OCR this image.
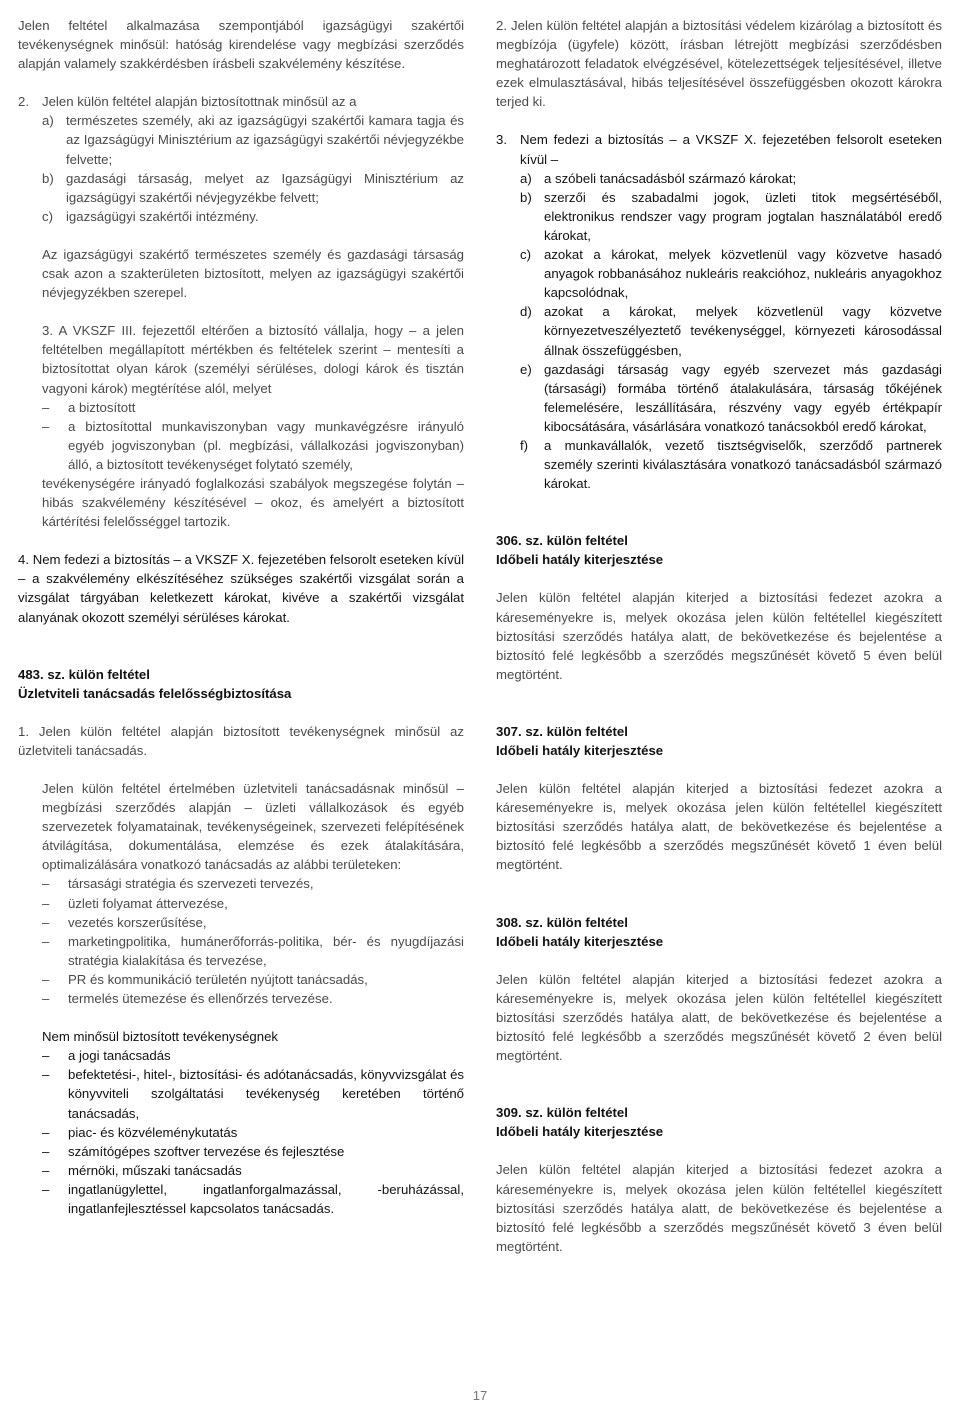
Jelen feltétel alkalmazása szempontjából igazságügyi szakértői tevékenységnek minősül: hatóság kirendelése vagy megbízási szerződés alapján valamely szakkérdésben írásbeli szakvélemény készítése.

2. Jelen külön feltétel alapján biztosítottnak minősül az a
a) természetes személy, aki az igazságügyi szakértői kamara tagja és az Igazságügyi Minisztérium az igazságügyi szakértői névjegyzékbe felvette;
b) gazdasági társaság, melyet az Igazságügyi Minisztérium az igazságügyi szakértői névjegyzékbe felvett;
c) igazságügyi szakértői intézmény.

Az igazságügyi szakértő természetes személy és gazdasági társaság csak azon a szakterületen biztosított, melyen az igazságügyi szakértői névjegyzékben szerepel.

3. A VKSZF III. fejezettől eltérően a biztosító vállalja, hogy – a jelen feltételben megállapított mértékben és feltételek szerint – mentesíti a biztosítottat olyan károk (személyi sérüléses, dologi károk és tisztán vagyoni károk) megtérítése alól, melyet

–	a biztosított
–	a biztosítottal munkaviszonyban vagy munkavégzésre irányuló egyéb jogviszonyban (pl. megbízási, vállalkozási jogviszonyban) álló, a biztosított tevékenységet folytató személy,

tevékenységére irányadó foglalkozási szabályok megszegése folytán – hibás szakvélemény készítésével – okoz, és amelyért a biztosított kártérítési felelősséggel tartozik.

4. Nem fedezi a biztosítás – a VKSZF X. fejezetében felsorolt eseteken kívül – a szakvélemény elkészítéséhez szükséges szakértői vizsgálat során a vizsgálat tárgyában keletkezett károkat, kivéve a szakértői vizsgálat alanyának okozott személyi sérüléses károkat.

483. sz. külön feltétel

Üzletviteli tanácsadás felelősségbiztosítása

1. Jelen külön feltétel alapján biztosított tevékenységnek minősül az üzletviteli tanácsadás.

Jelen külön feltétel értelmében üzletviteli tanácsadásnak minősül – megbízási szerződés alapján – üzleti vállalkozások és egyéb szervezetek folyamatainak, tevékenységeinek, szervezeti felépítésének átvilágítása, dokumentálása, elemzése és ezek átalakítására, optimalizálására vonatkozó tanácsadás az alábbi területeken:

–	társasági stratégia és szervezeti tervezés,
–	üzleti folyamat áttervezése,
–	vezetés korszerűsítése,
–	marketingpolitika, humánerőforrás-politika, bér- és nyugdíjazási stratégia kialakítása és tervezése,
–	PR és kommunikáció területén nyújtott tanácsadás,
–	termelés ütemezése és ellenőrzés tervezése.

Nem minősül biztosított tevékenységnek

–	a jogi tanácsadás
–	befektetési-, hitel-, biztosítási- és adótanácsadás, könyvvizsgálat és könyvviteli szolgáltatási tevékenység keretében történő tanácsadás,
–	piac- és közvéleménykutatás
–	számítógépes szoftver tervezése és fejlesztése
–	mérnöki, műszaki tanácsadás
–	ingatlanügylettel, ingatlanforgalmazással, -beruházással, ingatlanfejlesztéssel kapcsolatos tanácsadás.

2. Jelen külön feltétel alapján a biztosítási védelem kizárólag a biztosított és megbízója (ügyfele) között, írásban létrejött megbízási szerződésben meghatározott feladatok elvégzésével, kötelezettségek teljesítésével, illetve ezek elmulasztásával, hibás teljesítésével összefüggésben okozott károkra terjed ki.

3. Nem fedezi a biztosítás – a VKSZF X. fejezetében felsorolt eseteken kívül –
a) a szóbeli tanácsadásból származó károkat;
b) szerzői és szabadalmi jogok, üzleti titok megsértéséből, elektronikus rendszer vagy program jogtalan használatából eredő károkat,
c) azokat a károkat, melyek közvetlenül vagy közvetve hasadó anyagok robbanásához nukleáris reakcióhoz, nukleáris anyagokhoz kapcsolódnak,
d) azokat a károkat, melyek közvetlenül vagy közvetve környezetveszélyeztető tevékenységgel, környezeti károsodással állnak összefüggésben,
e) gazdasági társaság vagy egyéb szervezet más gazdasági (társasági) formába történő átalakulására, társaság tőkéjének felemelésére, leszállítására, részvény vagy egyéb értékpapír kibocsátására, vásárlására vonatkozó tanácsokból eredő károkat,
f)	a munkavállalók, vezető tisztségviselők, szerződő partnerek személy szerinti kiválasztására vonatkozó tanácsadásból származó károkat.

306. sz. külön feltétel

Időbeli hatály kiterjesztése

Jelen külön feltétel alapján kiterjed a biztosítási fedezet azokra a káreseményekre is, melyek okozása jelen külön feltétellel kiegészített biztosítási szerződés hatálya alatt, de bekövetkezése és bejelentése a biztosító felé legkésőbb a szerződés megszűnését követő 5 éven belül megtörtént.

307. sz. külön feltétel

Időbeli hatály kiterjesztése

Jelen külön feltétel alapján kiterjed a biztosítási fedezet azokra a káreseményekre is, melyek okozása jelen külön feltétellel kiegészített biztosítási szerződés hatálya alatt, de bekövetkezése és bejelentése a biztosító felé legkésőbb a szerződés megszűnését követő 1 éven belül megtörtént.

308. sz. külön feltétel

Időbeli hatály kiterjesztése

Jelen külön feltétel alapján kiterjed a biztosítási fedezet azokra a káreseményekre is, melyek okozása jelen külön feltétellel kiegészített biztosítási szerződés hatálya alatt, de bekövetkezése és bejelentése a biztosító felé legkésőbb a szerződés megszűnését követő 2 éven belül megtörtént.

309. sz. külön feltétel

Időbeli hatály kiterjesztése

Jelen külön feltétel alapján kiterjed a biztosítási fedezet azokra a káreseményekre is, melyek okozása jelen külön feltétellel kiegészített biztosítási szerződés hatálya alatt, de bekövetkezése és bejelentése a biztosító felé legkésőbb a szerződés megszűnését követő 3 éven belül megtörtént.

17
